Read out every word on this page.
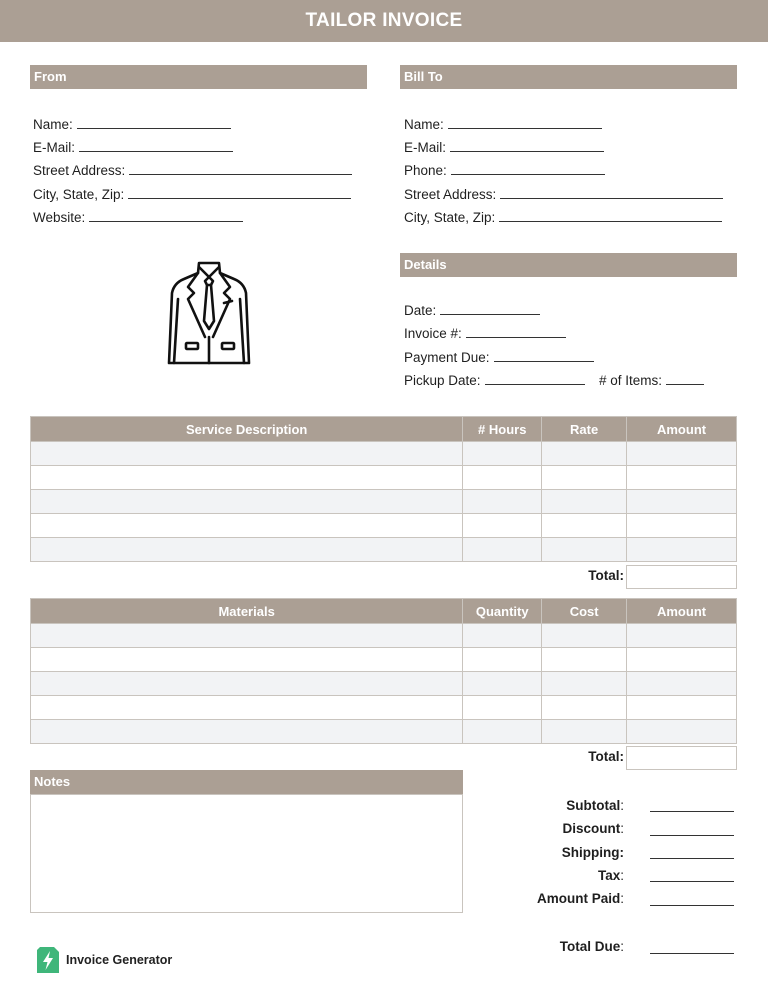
TAILOR INVOICE
From
Name:
E-Mail:
Street Address:
City, State, Zip:
Website:
Bill To
Name:
E-Mail:
Phone:
Street Address:
City, State, Zip:
Details
Date:
Invoice #:
Payment Due:
Pickup Date:	# of Items:
Service Description	# Hours	Rate	Amount

Total:
Materials	Quantity	Cost	Amount

Total:
Notes
Subtotal:
Discount:
Shipping:
Tax:
Amount Paid:
Total Due:
Invoice Generator
